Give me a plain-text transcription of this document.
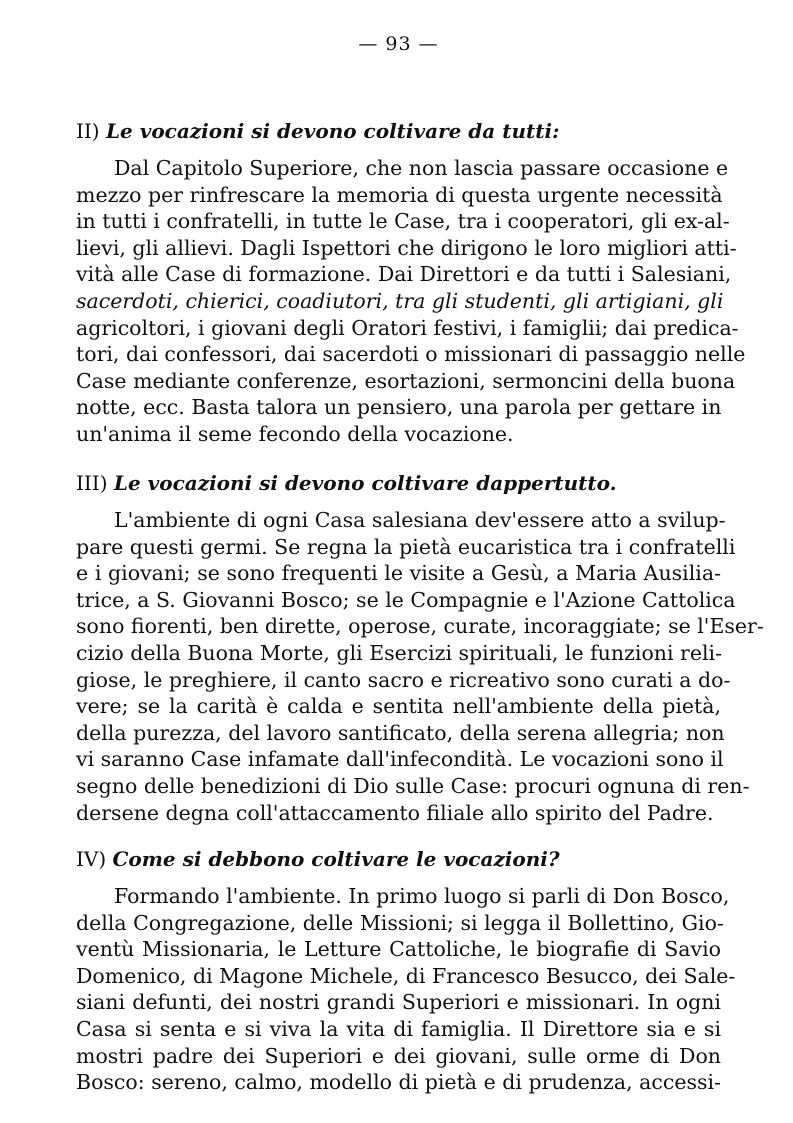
— 93 —
II) Le vocazioni si devono coltivare da tutti:
Dal Capitolo Superiore, che non lascia passare occasione e
mezzo per rinfrescare la memoria di questa urgente necessità
in tutti i confratelli, in tutte le Case, tra i cooperatori, gli ex-al-
lievi, gli allievi. Dagli Ispettori che dirigono le loro migliori atti-
vità alle Case di formazione. Dai Direttori e da tutti i Salesiani,
sacerdoti, chierici, coadiutori, tra gli studenti, gli artigiani, gli
agricoltori, i giovani degli Oratori festivi, i famiglii; dai predica-
tori, dai confessori, dai sacerdoti o missionari di passaggio nelle
Case mediante conferenze, esortazioni, sermoncini della buona
notte, ecc. Basta talora un pensiero, una parola per gettare in
un'anima il seme fecondo della vocazione.
III) Le vocazioni si devono coltivare dappertutto.
L'ambiente di ogni Casa salesiana dev'essere atto a svilup-
pare questi germi. Se regna la pietà eucaristica tra i confratelli
e i giovani; se sono frequenti le visite a Gesù, a Maria Ausilia-
trice, a S. Giovanni Bosco; se le Compagnie e l'Azione Cattolica
sono fiorenti, ben dirette, operose, curate, incoraggiate; se l'Eser-
cizio della Buona Morte, gli Esercizi spirituali, le funzioni reli-
giose, le preghiere, il canto sacro e ricreativo sono curati a do-
vere; se la carità è calda e sentita nell'ambiente della pietà,
della purezza, del lavoro santificato, della serena allegria; non
vi saranno Case infamate dall'infecondità. Le vocazioni sono il
segno delle benedizioni di Dio sulle Case: procuri ognuna di ren-
dersene degna coll'attaccamento filiale allo spirito del Padre.
IV) Come si debbono coltivare le vocazioni?
Formando l'ambiente. In primo luogo si parli di Don Bosco,
della Congregazione, delle Missioni; si legga il Bollettino, Gio-
ventù Missionaria, le Letture Cattoliche, le biografie di Savio
Domenico, di Magone Michele, di Francesco Besucco, dei Sale-
siani defunti, dei nostri grandi Superiori e missionari. In ogni
Casa si senta e si viva la vita di famiglia. Il Direttore sia e si
mostri padre dei Superiori e dei giovani, sulle orme di Don
Bosco: sereno, calmo, modello di pietà e di prudenza, accessi-
